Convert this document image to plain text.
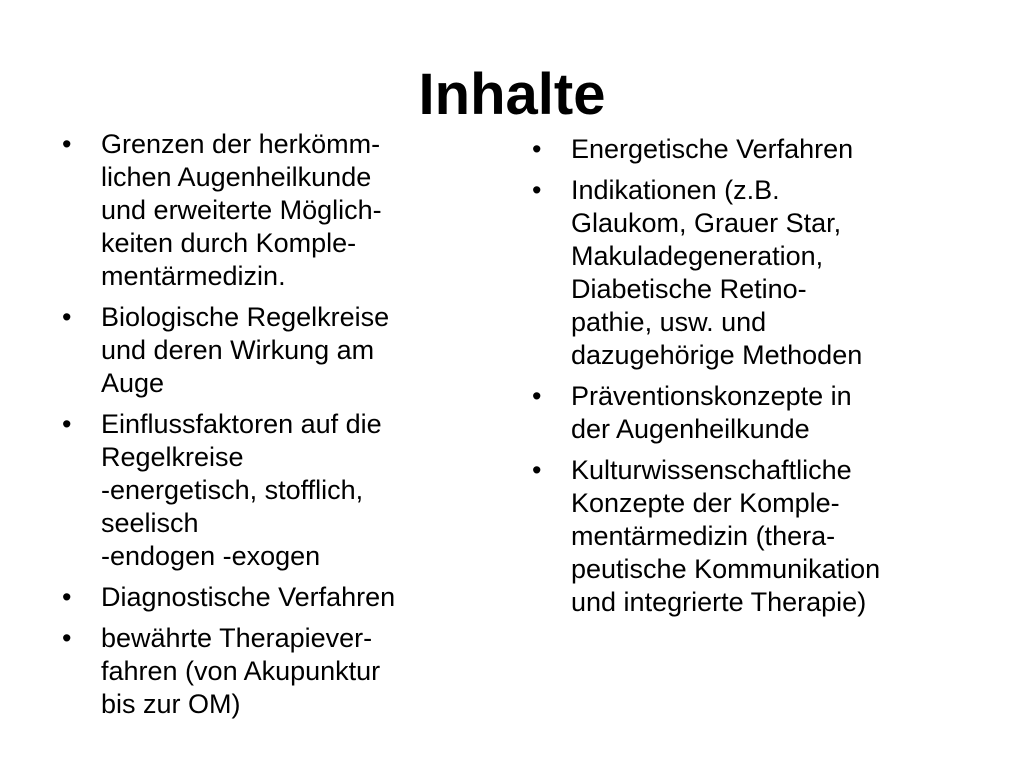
Inhalte
•	Grenzen der herkömm-
lichen Augenheilkunde
und erweiterte Möglich-
keiten durch Komple-
mentärmedizin.
•	Biologische Regelkreise
und deren Wirkung am
Auge
•	Einflussfaktoren auf die
Regelkreise
-energetisch, stofflich,
seelisch
-endogen -exogen
•	Diagnostische Verfahren
•	bewährte Therapiever-
fahren (von Akupunktur
bis zur OM)
•	Energetische Verfahren
•	Indikationen (z.B.
Glaukom, Grauer Star,
Makuladegeneration,
Diabetische Retino-
pathie, usw. und
dazugehörige Methoden
•	Präventionskonzepte in
der Augenheilkunde
•	Kulturwissenschaftliche
Konzepte der Komple-
mentärmedizin (thera-
peutische Kommunikation
und integrierte Therapie)
